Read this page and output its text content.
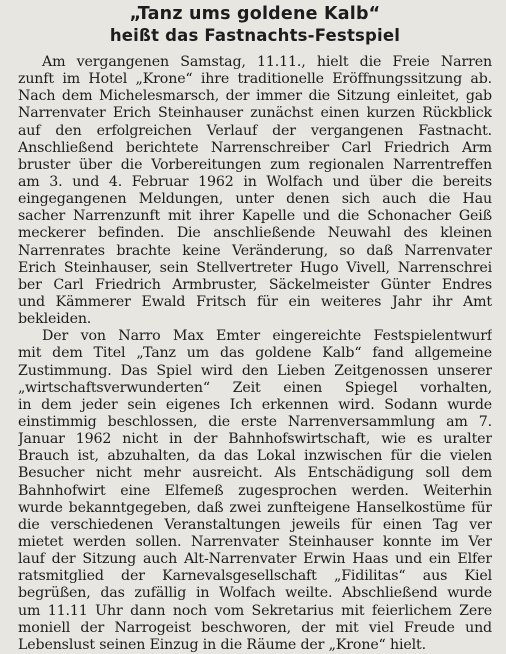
„Tanz ums goldene Kalb“
heißt das Fastnachts-Festspiel
Am vergangenen Samstag, 11.11., hielt die Freie Narren
zunft im Hotel „Krone“ ihre traditionelle Eröffnungssitzung ab.
Nach dem Michelesmarsch, der immer die Sitzung einleitet, gab
Narrenvater Erich Steinhauser zunächst einen kurzen Rückblick
auf den erfolgreichen Verlauf der vergangenen Fastnacht.
Anschließend berichtete Narrenschreiber Carl Friedrich Arm
bruster über die Vorbereitungen zum regionalen Narrentreffen
am 3. und 4. Februar 1962 in Wolfach und über die bereits
eingegangenen Meldungen, unter denen sich auch die Hau
sacher Narrenzunft mit ihrer Kapelle und die Schonacher Geiß
meckerer befinden. Die anschließende Neuwahl des kleinen
Narrenrates brachte keine Veränderung, so daß Narrenvater
Erich Steinhauser, sein Stellvertreter Hugo Vivell, Narrenschrei
ber Carl Friedrich Armbruster, Säckelmeister Günter Endres
und Kämmerer Ewald Fritsch für ein weiteres Jahr ihr Amt
bekleiden.
Der von Narro Max Emter eingereichte Festspielentwurf
mit dem Titel „Tanz um das goldene Kalb“ fand allgemeine
Zustimmung. Das Spiel wird den Lieben Zeitgenossen unserer
„wirtschaftsverwunderten“ Zeit einen Spiegel vorhalten,
in dem jeder sein eigenes Ich erkennen wird. Sodann wurde
einstimmig beschlossen, die erste Narrenversammlung am 7.
Januar 1962 nicht in der Bahnhofswirtschaft, wie es uralter
Brauch ist, abzuhalten, da das Lokal inzwischen für die vielen
Besucher nicht mehr ausreicht. Als Entschädigung soll dem
Bahnhofwirt eine Elfemeß zugesprochen werden. Weiterhin
wurde bekanntgegeben, daß zwei zunfteigene Hanselkostüme für
die verschiedenen Veranstaltungen jeweils für einen Tag ver
mietet werden sollen. Narrenvater Steinhauser konnte im Ver
lauf der Sitzung auch Alt-Narrenvater Erwin Haas und ein Elfer
ratsmitglied der Karnevalsgesellschaft „Fidilitas“ aus Kiel
begrüßen, das zufällig in Wolfach weilte. Abschließend wurde
um 11.11 Uhr dann noch vom Sekretarius mit feierlichem Zere
moniell der Narrogeist beschworen, der mit viel Freude und
Lebenslust seinen Einzug in die Räume der „Krone“ hielt.
